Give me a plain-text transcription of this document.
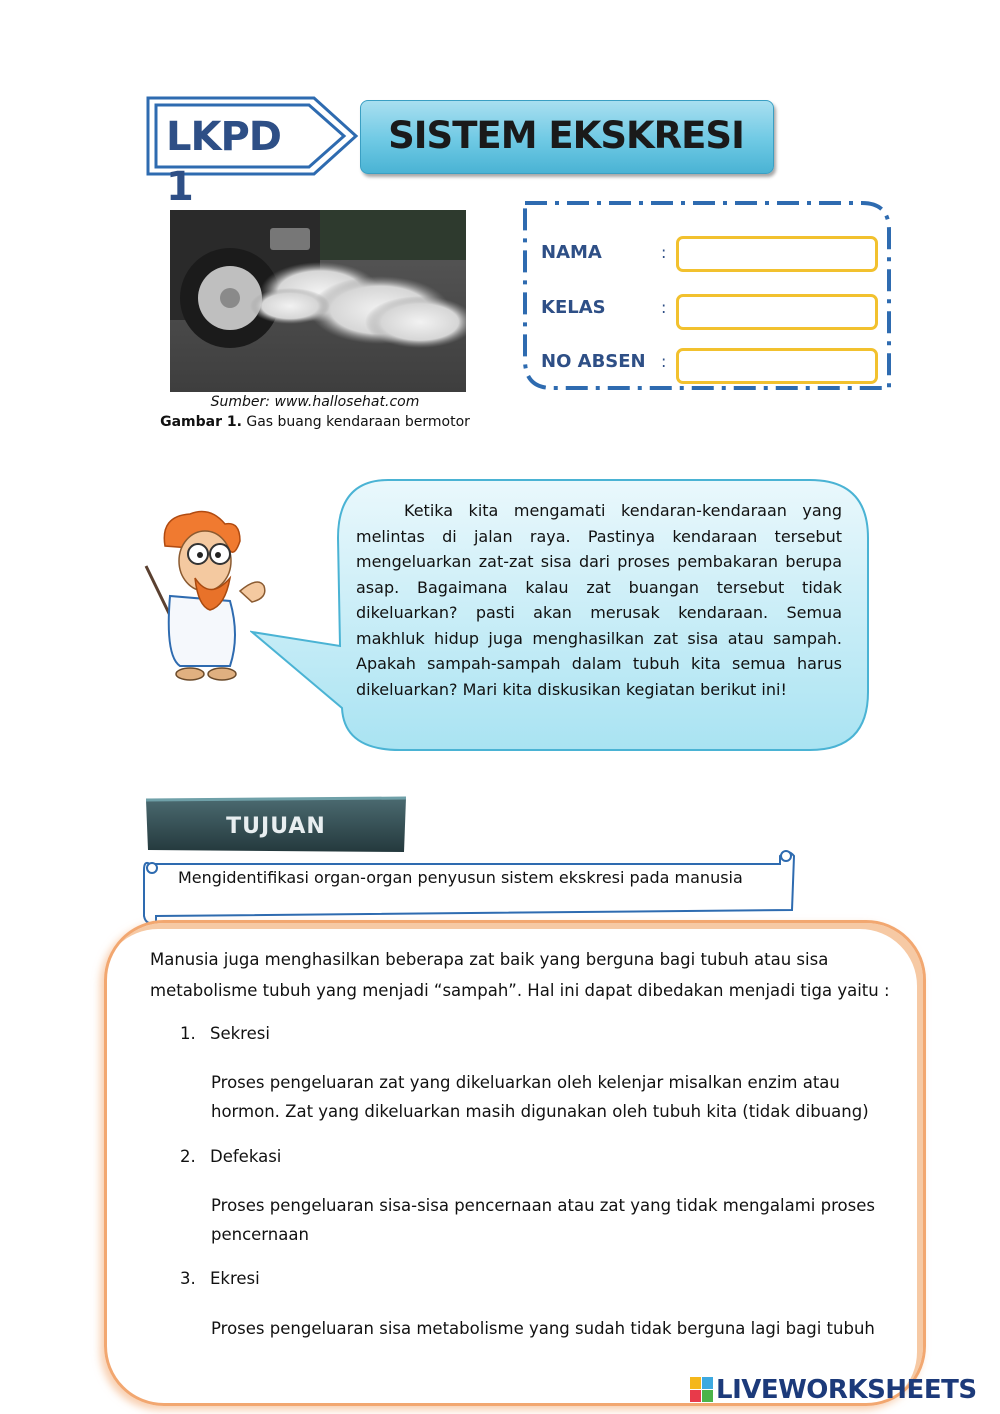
LKPD 1
SISTEM EKSKRESI
Sumber: www.hallosehat.com
Gambar 1. Gas buang kendaraan bermotor
NAMA	:
KELAS	:
NO ABSEN :
Ketika kita mengamati kendaran-kendaraan yang melintas di jalan raya. Pastinya kendaraan tersebut mengeluarkan zat-zat sisa dari proses pembakaran berupa asap. Bagaimana kalau zat buangan tersebut tidak dikeluarkan? pasti akan merusak kendaraan. Semua makhluk hidup juga menghasilkan zat sisa atau sampah. Apakah sampah-sampah dalam tubuh kita semua harus dikeluarkan? Mari kita diskusikan kegiatan berikut ini!
TUJUAN
Mengidentifikasi organ-organ penyusun sistem ekskresi pada manusia
Manusia juga menghasilkan beberapa zat baik yang berguna bagi tubuh atau sisa metabolisme tubuh yang menjadi “sampah”. Hal ini dapat dibedakan menjadi tiga yaitu :
1. Sekresi
Proses pengeluaran zat yang dikeluarkan oleh kelenjar misalkan enzim atau hormon. Zat yang dikeluarkan masih digunakan oleh tubuh kita (tidak dibuang)
2. Defekasi
Proses pengeluaran sisa-sisa pencernaan atau zat yang tidak mengalami proses pencernaan
3. Ekresi
Proses pengeluaran sisa metabolisme yang sudah tidak berguna lagi bagi tubuh
LIVEWORKSHEETS
